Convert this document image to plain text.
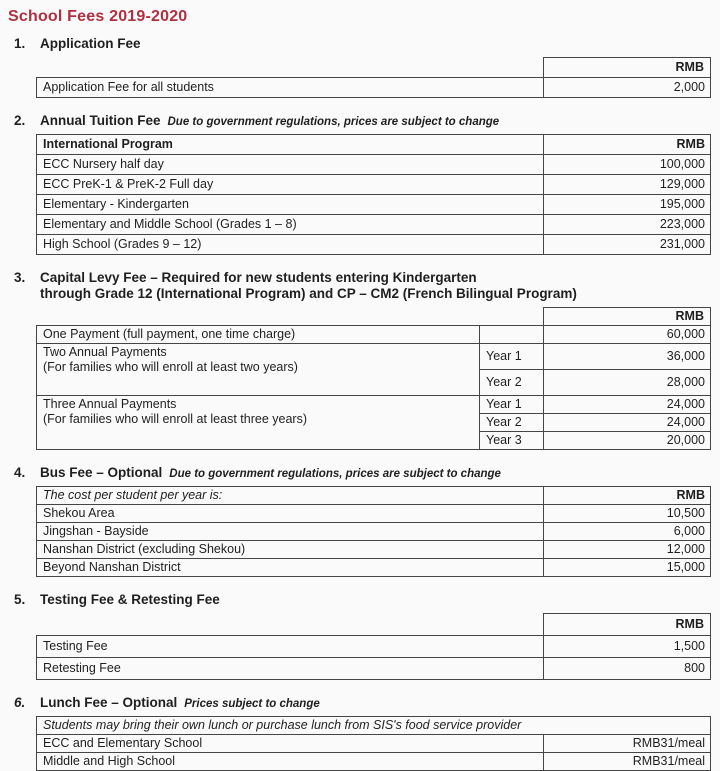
School Fees 2019-2020
1.	Application Fee
	RMB
Application Fee for all students	2,000
2.	Annual Tuition Fee Due to government regulations, prices are subject to change
International Program	RMB
ECC Nursery half day	100,000
ECC PreK-1 & PreK-2 Full day	129,000
Elementary - Kindergarten	195,000
Elementary and Middle School (Grades 1 – 8)	223,000
High School (Grades 9 – 12)	231,000
3.	Capital Levy Fee – Required for new students entering Kindergarten
through Grade 12 (International Program) and CP – CM2 (French Bilingual Program)
		RMB
One Payment (full payment, one time charge)		60,000
Two Annual Payments
(For families who will enroll at least two years)	Year 1	36,000
	Year 2	28,000
Three Annual Payments
(For families who will enroll at least three years)	Year 1	24,000
	Year 2	24,000
	Year 3	20,000
4.	Bus Fee – Optional Due to government regulations, prices are subject to change
The cost per student per year is:	RMB
Shekou Area	10,500
Jingshan - Bayside	6,000
Nanshan District (excluding Shekou)	12,000
Beyond Nanshan District	15,000
5.	Testing Fee & Retesting Fee
	RMB
Testing Fee	1,500
Retesting Fee	800
6.	Lunch Fee – Optional Prices subject to change
Students may bring their own lunch or purchase lunch from SIS's food service provider	
ECC and Elementary School	RMB31/meal
Middle and High School	RMB31/meal
